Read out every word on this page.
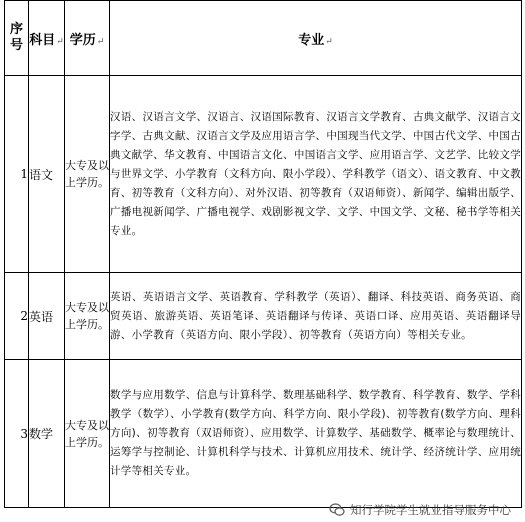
序号	科目↵	学历↵	专业↵
1	语文	大专及以上学历。	汉语、汉语言文学、汉语言、汉语国际教育、汉语言文学教育、古典文献学、汉语言文字学、古典文献、汉语言文学及应用语言学、中国现当代文学、中国古代文学、中国古典文献学、华文教育、中国语言文化、中国语言文学、应用语言学、文艺学、比较文学与世界文学、小学教育（文科方向、限小学段）、学科教学（语文）、语文教育、中文教育、初等教育（文科方向）、对外汉语、初等教育（双语师资）、新闻学、编辑出版学、广播电视新闻学、广播电视学、戏剧影视文学、文学、中国文学、文秘、秘书学等相关专业。
2	英语	大专及以上学历。	英语、英语语言文学、英语教育、学科教学（英语）、翻译、科技英语、商务英语、商贸英语、旅游英语、英语笔译、英语翻译与传译、英语口译、应用英语、英语翻译导游、小学教育（英语方向、限小学段）、初等教育（英语方向）等相关专业。
3	数学	大专及以上学历。	数学与应用数学、信息与计算科学、数理基础科学、数学教育、科学教育、数学、学科教学（数学）、小学教育(数学方向、科学方向、限小学段)、初等教育(数学方向、理科方向)、初等教育（双语师资）、应用数学、计算数学、基础数学、概率论与数理统计、运筹学与控制论、计算机科学与技术、计算机应用技术、统计学、经济统计学、应用统计学等相关专业。
知行学院学生就业指导服务中心
